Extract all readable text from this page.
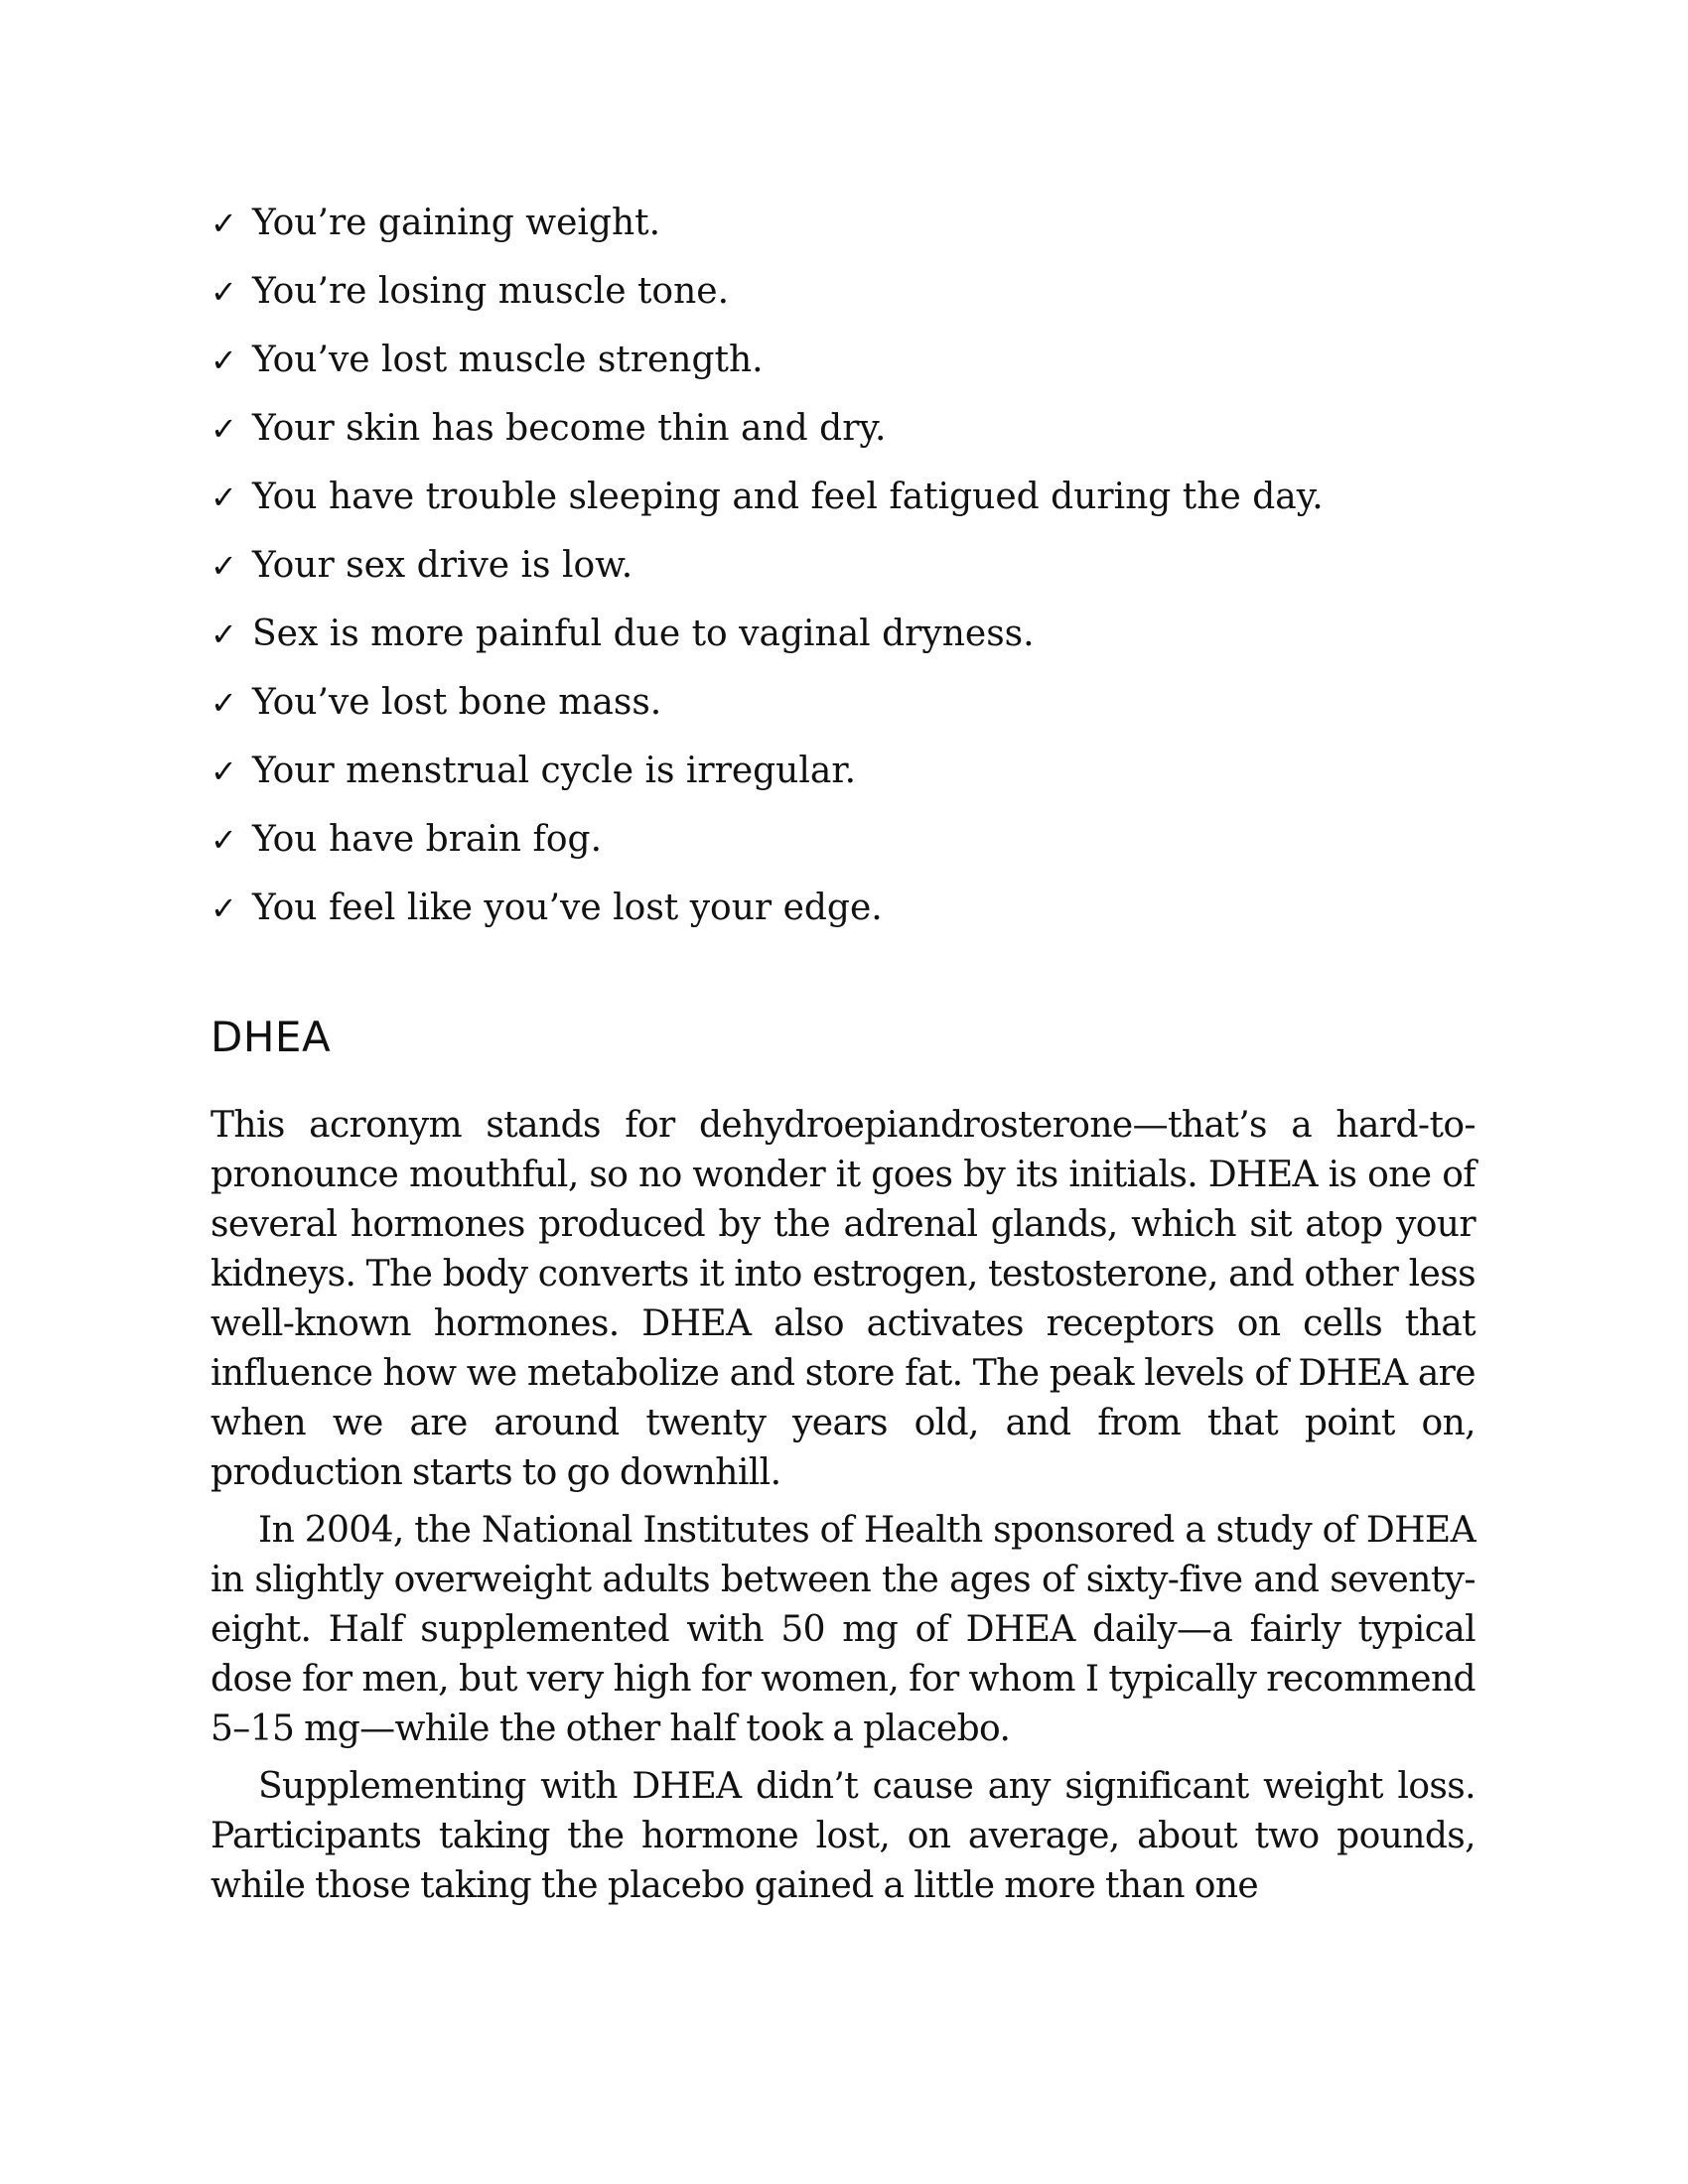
✓ You’re gaining weight.
✓ You’re losing muscle tone.
✓ You’ve lost muscle strength.
✓ Your skin has become thin and dry.
✓ You have trouble sleeping and feel fatigued during the day.
✓ Your sex drive is low.
✓ Sex is more painful due to vaginal dryness.
✓ You’ve lost bone mass.
✓ Your menstrual cycle is irregular.
✓ You have brain fog.
✓ You feel like you’ve lost your edge.
DHEA

This acronym stands for dehydroepiandrosterone—that’s a hard-to-pronounce mouthful, so no wonder it goes by its initials. DHEA is one of several hormones produced by the adrenal glands, which sit atop your kidneys. The body converts it into estrogen, testosterone, and other less well-known hormones. DHEA also activates receptors on cells that influence how we metabolize and store fat. The peak levels of DHEA are when we are around twenty years old, and from that point on, production starts to go downhill.

In 2004, the National Institutes of Health sponsored a study of DHEA in slightly overweight adults between the ages of sixty-five and seventy-eight. Half supplemented with 50 mg of DHEA daily—a fairly typical dose for men, but very high for women, for whom I typically recommend 5–15 mg—while the other half took a placebo.

Supplementing with DHEA didn’t cause any significant weight loss. Participants taking the hormone lost, on average, about two pounds, while those taking the placebo gained a little more than one
